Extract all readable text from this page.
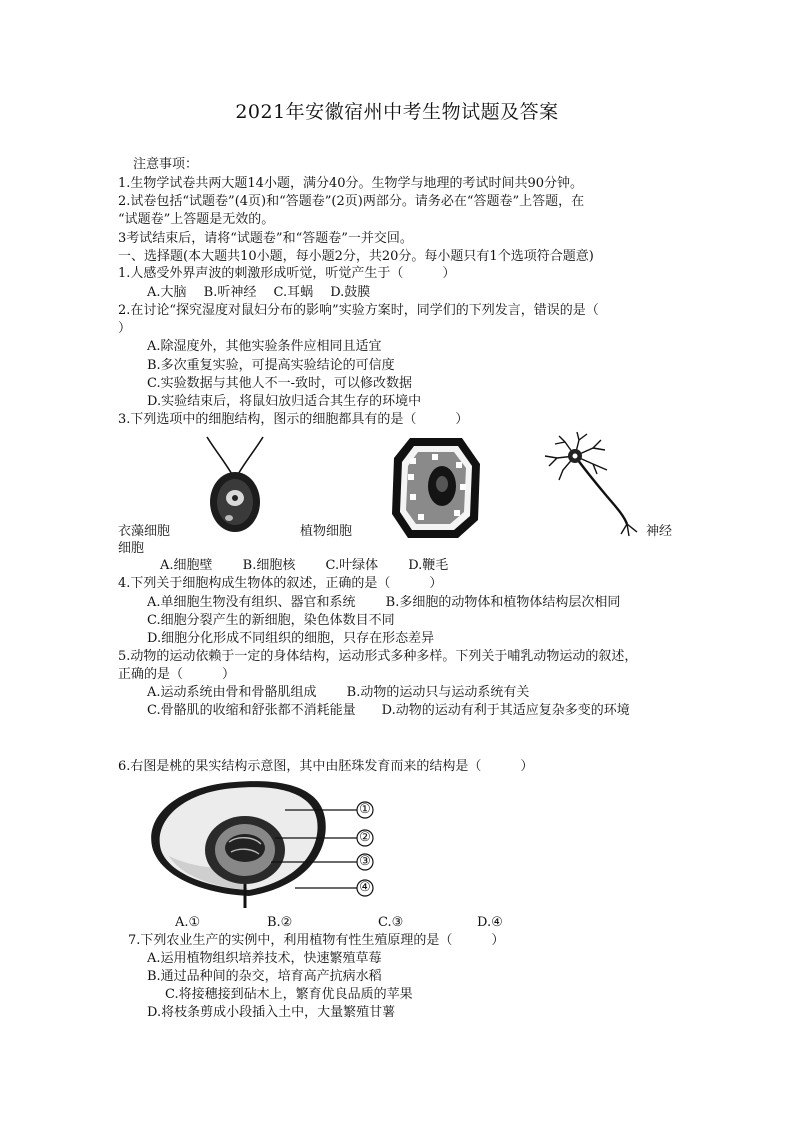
2021年安徽宿州中考生物试题及答案
注意事项：
1.生物学试卷共两大题14小题，满分40分。生物学与地理的考试时间共90分钟。
2.试卷包括“试题卷”(4页)和“答题卷”(2页)两部分。请务必在“答题卷”上答题，在
“试题卷”上答题是无效的。
3考试结束后，请将“试题卷”和“答题卷”一并交回。
一、选择题(本大题共10小题，每小题2分，共20分。每小题只有1个选项符合题意)
1.人感受外界声波的刺激形成听觉，听觉产生于（　　　）
A.大脑　 B.听神经　 C.耳蜗　 D.鼓膜
2.在讨论“探究湿度对鼠妇分布的影响”实验方案时，同学们的下列发言，错误的是（
）
A.除湿度外，其他实验条件应相同且适宜
B.多次重复实验，可提高实验结论的可信度
C.实验数据与其他人不一-致时，可以修改数据
D.实验结束后，将鼠妇放归适合其生存的环境中
3.下列选项中的细胞结构，图示的细胞都具有的是（　　　）
衣藻细胞	植物细胞	神经
细胞
A.细胞壁　　 B.细胞核　　 C.叶绿体　　 D.鞭毛
4.下列关于细胞构成生物体的叙述，正确的是（　　　）
A.单细胞生物没有组织、器官和系统　　 B.多细胞的动物体和植物体结构层次相同
C.细胞分裂产生的新细胞，染色体数目不同
D.细胞分化形成不同组织的细胞，只存在形态差异
5.动物的运动依赖于一定的身体结构，运动形式多种多样。下列关于哺乳动物运动的叙述，
正确的是（　　　）
A.运动系统由骨和骨骼肌组成　　 B.动物的运动只与运动系统有关
C.骨骼肌的收缩和舒张都不消耗能量　　D.动物的运动有利于其适应复杂多变的环境
6.右图是桃的果实结构示意图，其中由胚珠发育而来的结构是（　　　）
①
②
③
④
A.①	B.②	C.③	D.④
7.下列农业生产的实例中，利用植物有性生殖原理的是（　　　）
A.运用植物组织培养技术，快速繁殖草莓
B.通过品种间的杂交，培育高产抗病水稻
C.将接穗接到砧木上，繁育优良品质的苹果
D.将枝条剪成小段插入土中，大量繁殖甘薯
